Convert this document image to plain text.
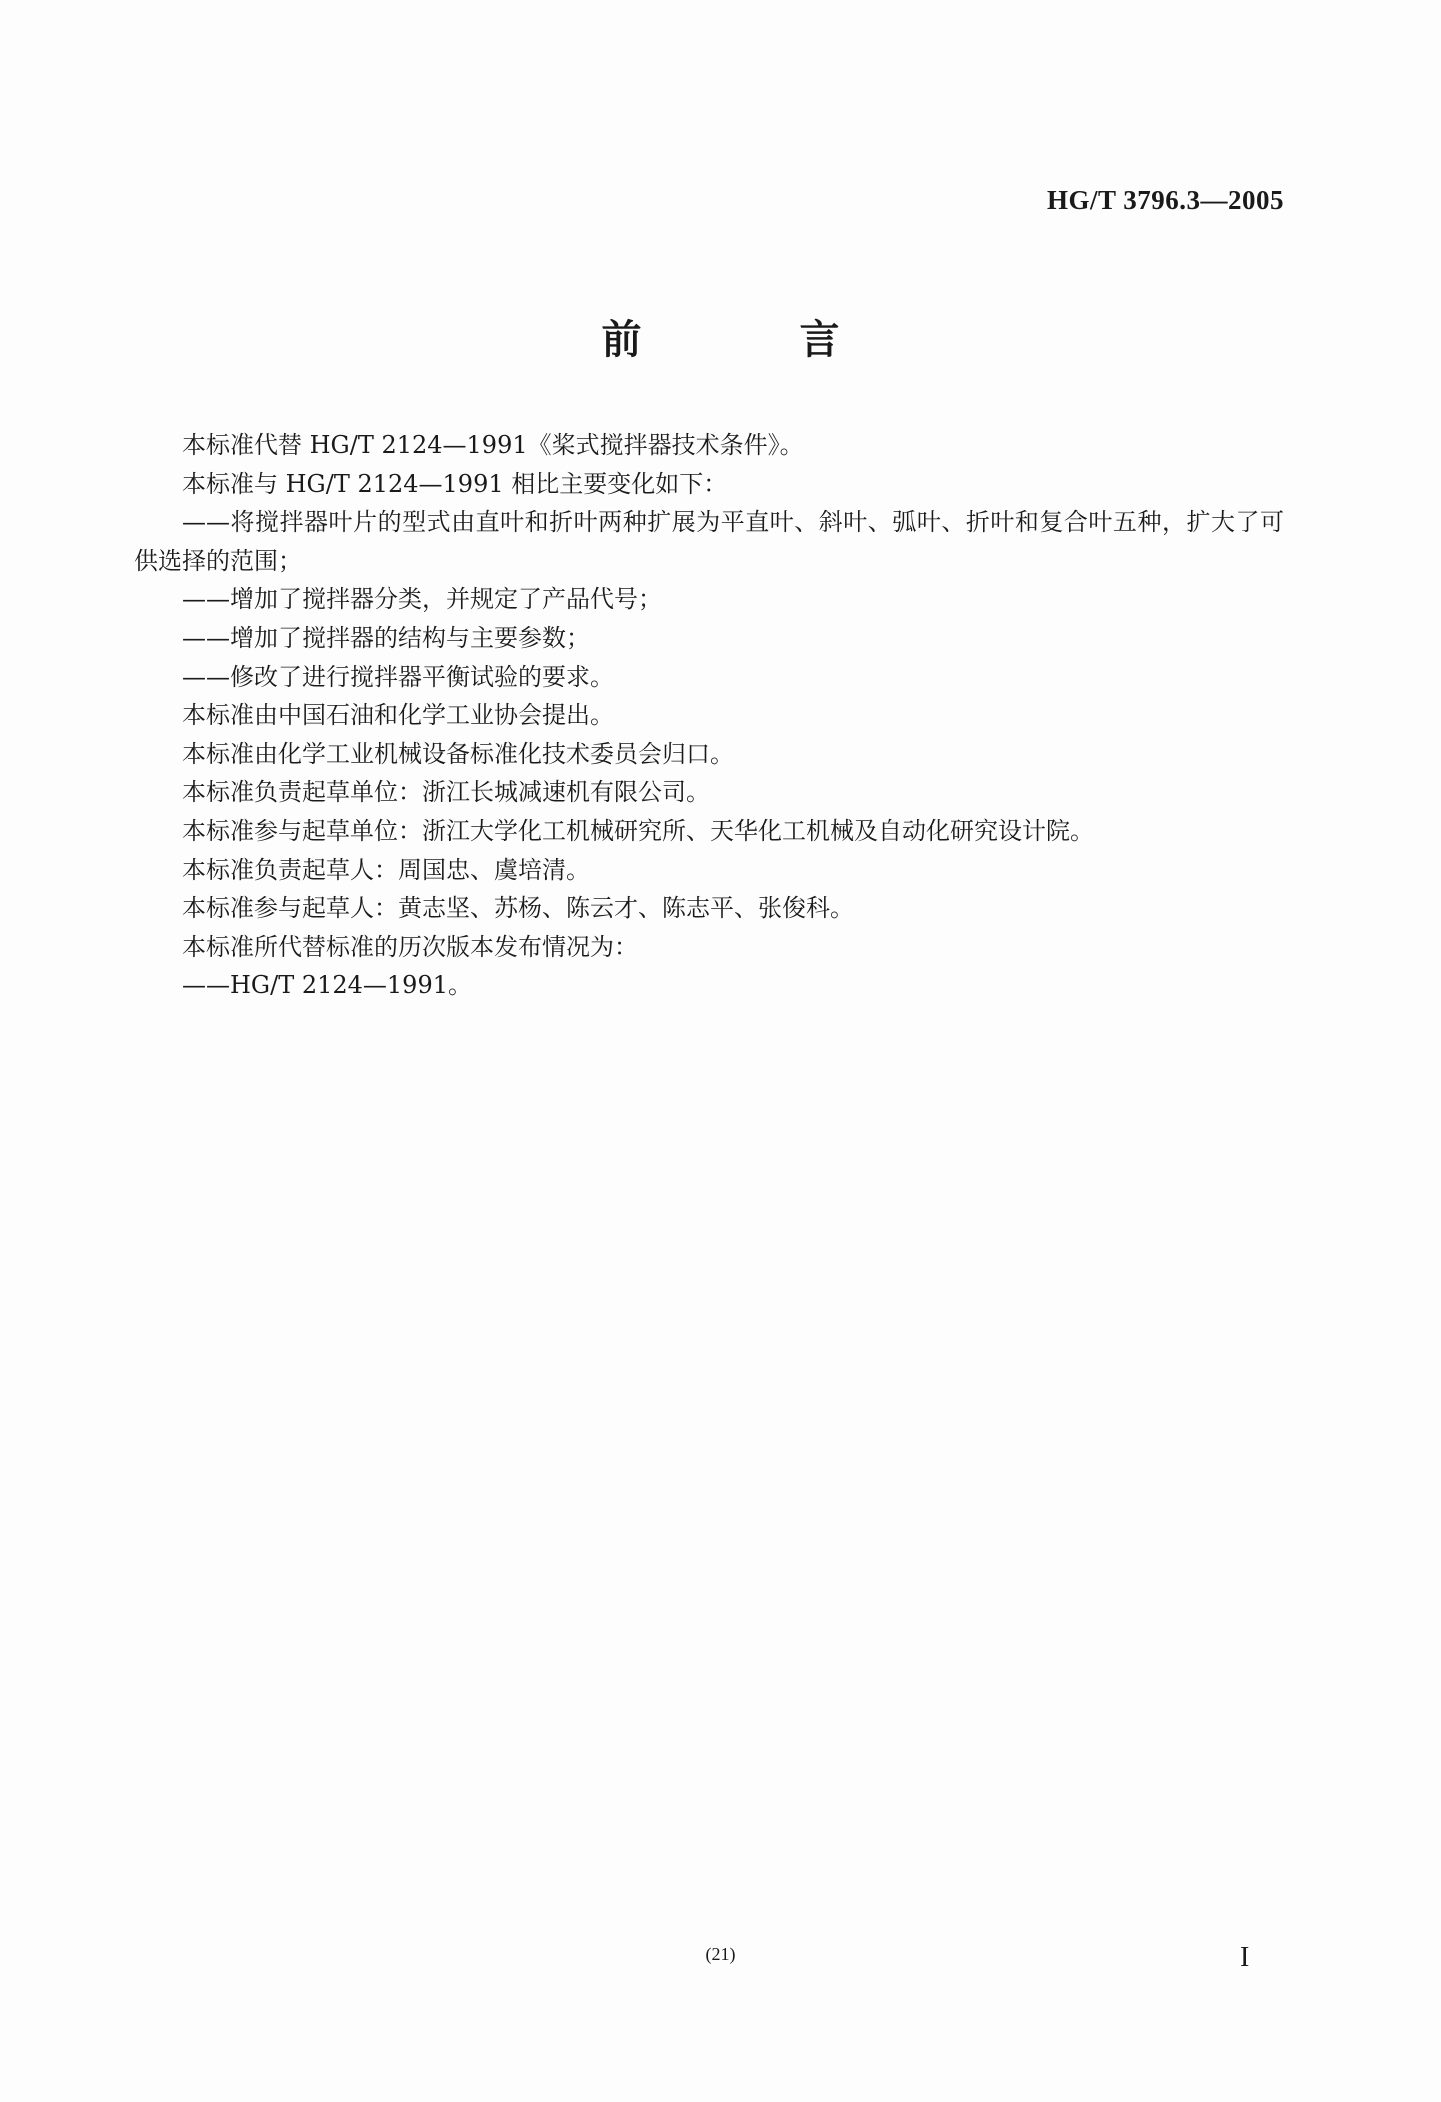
HG/T 3796.3—2005
前 言

本标准代替 HG/T 2124—1991《桨式搅拌器技术条件》。

本标准与 HG/T 2124—1991 相比主要变化如下：

——将搅拌器叶片的型式由直叶和折叶两种扩展为平直叶、斜叶、弧叶、折叶和复合叶五种，扩大了可供选择的范围；

——增加了搅拌器分类，并规定了产品代号；

——增加了搅拌器的结构与主要参数；

——修改了进行搅拌器平衡试验的要求。

本标准由中国石油和化学工业协会提出。

本标准由化学工业机械设备标准化技术委员会归口。

本标准负责起草单位：浙江长城减速机有限公司。

本标准参与起草单位：浙江大学化工机械研究所、天华化工机械及自动化研究设计院。

本标准负责起草人：周国忠、虞培清。

本标准参与起草人：黄志坚、苏杨、陈云才、陈志平、张俊科。

本标准所代替标准的历次版本发布情况为：

——HG/T 2124—1991。

(21)	I
